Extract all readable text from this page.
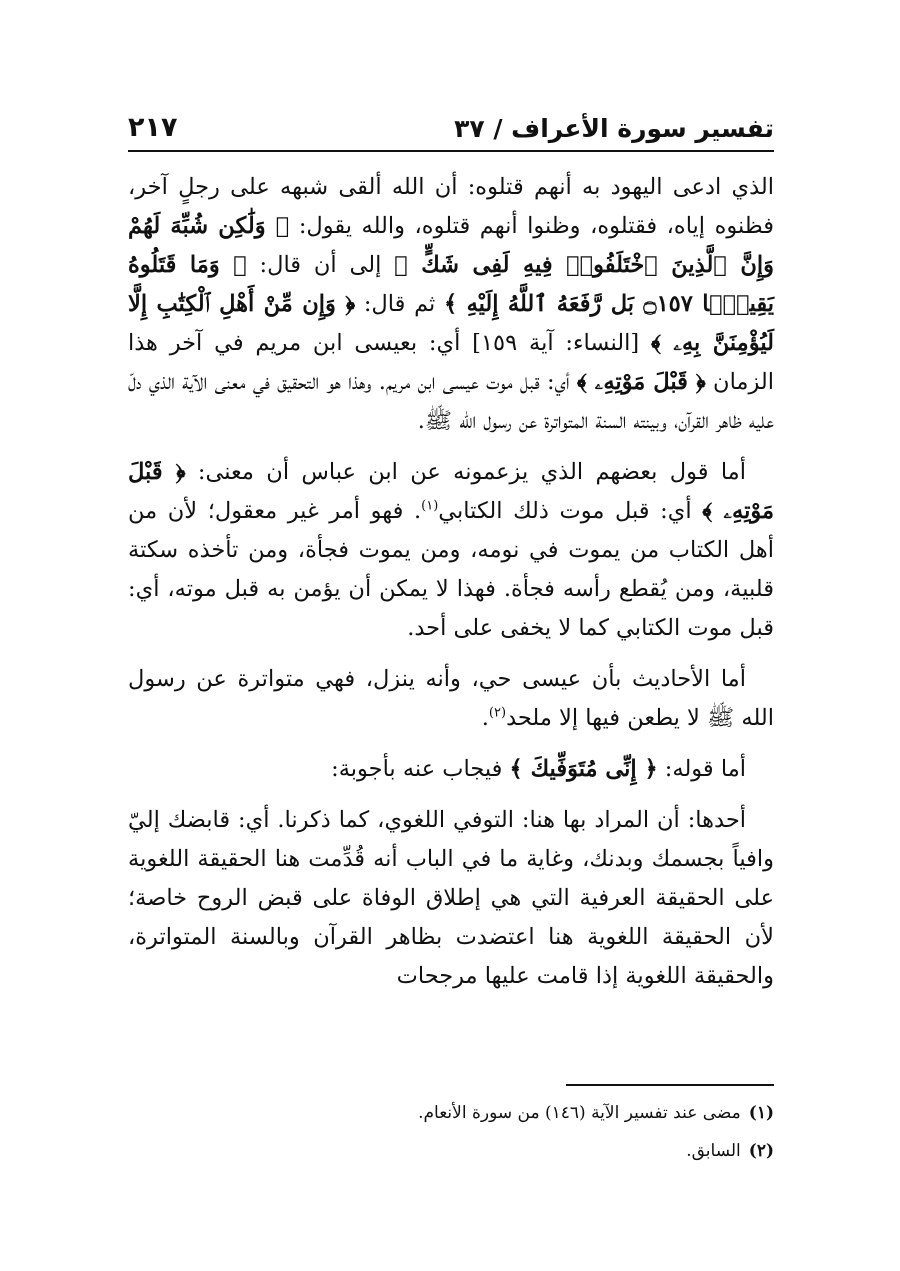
تفسير سورة الأعراف / ٣٧
٢١٧

الذي ادعى اليهود به أنهم قتلوه: أن الله ألقى شبهه على رجلٍ آخر، فظنوه إياه، فقتلوه، وظنوا أنهم قتلوه، والله يقول: ﴿ وَلَٰكِن شُبِّهَ لَهُمْ وَإِنَّ ٱلَّذِينَ ٱخْتَلَفُوا۟ فِيهِ لَفِى شَكٍّ ﴾ إلى أن قال: ﴿ وَمَا قَتَلُوهُ يَقِينًۢا ۝١٥٧ بَل رَّفَعَهُ ٱللَّهُ إِلَيْهِ ﴾ ثم قال: ﴿ وَإِن مِّنْ أَهْلِ ٱلْكِتَٰبِ إِلَّا لَيُؤْمِنَنَّ بِهِۦ ﴾ [النساء: آية ١٥٩] أي: بعيسى ابن مريم في آخر هذا الزمان ﴿ قَبْلَ مَوْتِهِۦ ﴾ أي: قبل موت عيسى ابن مريم. وهذا هو التحقيق في معنى الآية الذي دلّ عليه ظاهر القرآن، وبينته السنة المتواترة عن رسول الله ﷺ.

أما قول بعضهم الذي يزعمونه عن ابن عباس أن معنى: ﴿ قَبْلَ مَوْتِهِۦ ﴾ أي: قبل موت ذلك الكتابي$^{(١)}$. فهو أمر غير معقول؛ لأن من أهل الكتاب من يموت في نومه، ومن يموت فجأة، ومن تأخذه سكتة قلبية، ومن يُقطع رأسه فجأة. فهذا لا يمكن أن يؤمن به قبل موته، أي: قبل موت الكتابي كما لا يخفى على أحد.

أما الأحاديث بأن عيسى حي، وأنه ينزل، فهي متواترة عن رسول الله ﷺ لا يطعن فيها إلا ملحد$^{(٢)}$.

أما قوله: ﴿ إِنِّى مُتَوَفِّيكَ ﴾ فيجاب عنه بأجوبة:

أحدها: أن المراد بها هنا: التوفي اللغوي، كما ذكرنا. أي: قابضك إليّ وافياً بجسمك وبدنك، وغاية ما في الباب أنه قُدِّمت هنا الحقيقة اللغوية على الحقيقة العرفية التي هي إطلاق الوفاة على قبض الروح خاصة؛ لأن الحقيقة اللغوية هنا اعتضدت بظاهر القرآن وبالسنة المتواترة، والحقيقة اللغوية إذا قامت عليها مرجحات

(١)مضى عند تفسير الآية (١٤٦) من سورة الأنعام.

(٢)السابق.
